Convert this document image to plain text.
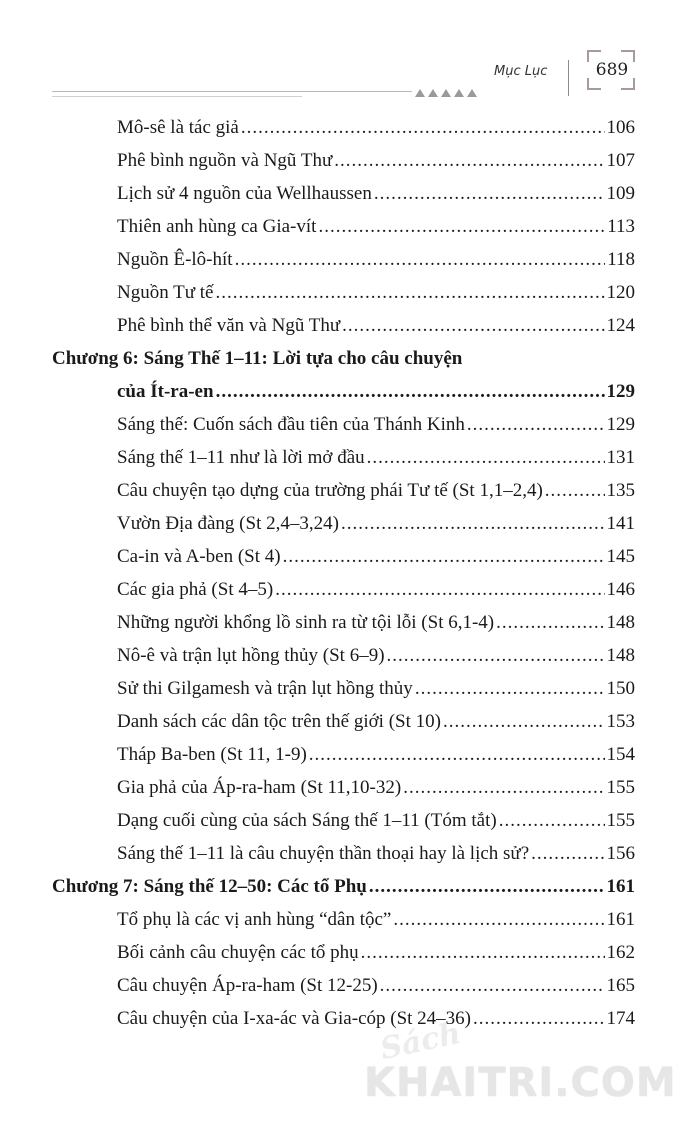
Mục Lục	689
Mô-sê là tác giả .....	106
Phê bình nguồn và Ngũ Thư .....	107
Lịch sử 4 nguồn của Wellhaussen .....	109
Thiên anh hùng ca Gia-vít .....	113
Nguồn Ê-lô-hít .....	118
Nguồn Tư tế .....	120
Phê bình thể văn và Ngũ Thư .....	124
Chương 6: Sáng Thế 1–11: Lời tựa cho câu chuyện
của Ít-ra-en .....	129
Sáng thế: Cuốn sách đầu tiên của Thánh Kinh .....	129
Sáng thế 1–11 như là lời mở đầu .....	131
Câu chuyện tạo dựng của trường phái Tư tế (St 1,1–2,4) .....	135
Vườn Địa đàng (St 2,4–3,24) .....	141
Ca-in và A-ben (St 4) .....	145
Các gia phả (St 4–5) .....	146
Những người khổng lồ sinh ra từ tội lỗi (St 6,1-4) .....	148
Nô-ê và trận lụt hồng thủy (St 6–9) .....	148
Sử thi Gilgamesh và trận lụt hồng thủy .....	150
Danh sách các dân tộc trên thế giới (St 10) .....	153
Tháp Ba-ben (St 11, 1-9) .....	154
Gia phả của Áp-ra-ham (St 11,10-32) .....	155
Dạng cuối cùng của sách Sáng thế 1–11 (Tóm tắt) .....	155
Sáng thế 1–11 là câu chuyện thần thoại hay là lịch sử? .....	156
Chương 7: Sáng thế 12–50: Các tổ Phụ .....	161
Tổ phụ là các vị anh hùng “dân tộc” .....	161
Bối cảnh câu chuyện các tổ phụ .....	162
Câu chuyện Áp-ra-ham (St 12-25) .....	165
Câu chuyện của I-xa-ác và Gia-cóp (St 24–36) .....	174
Sách
KHAITRI.COM
